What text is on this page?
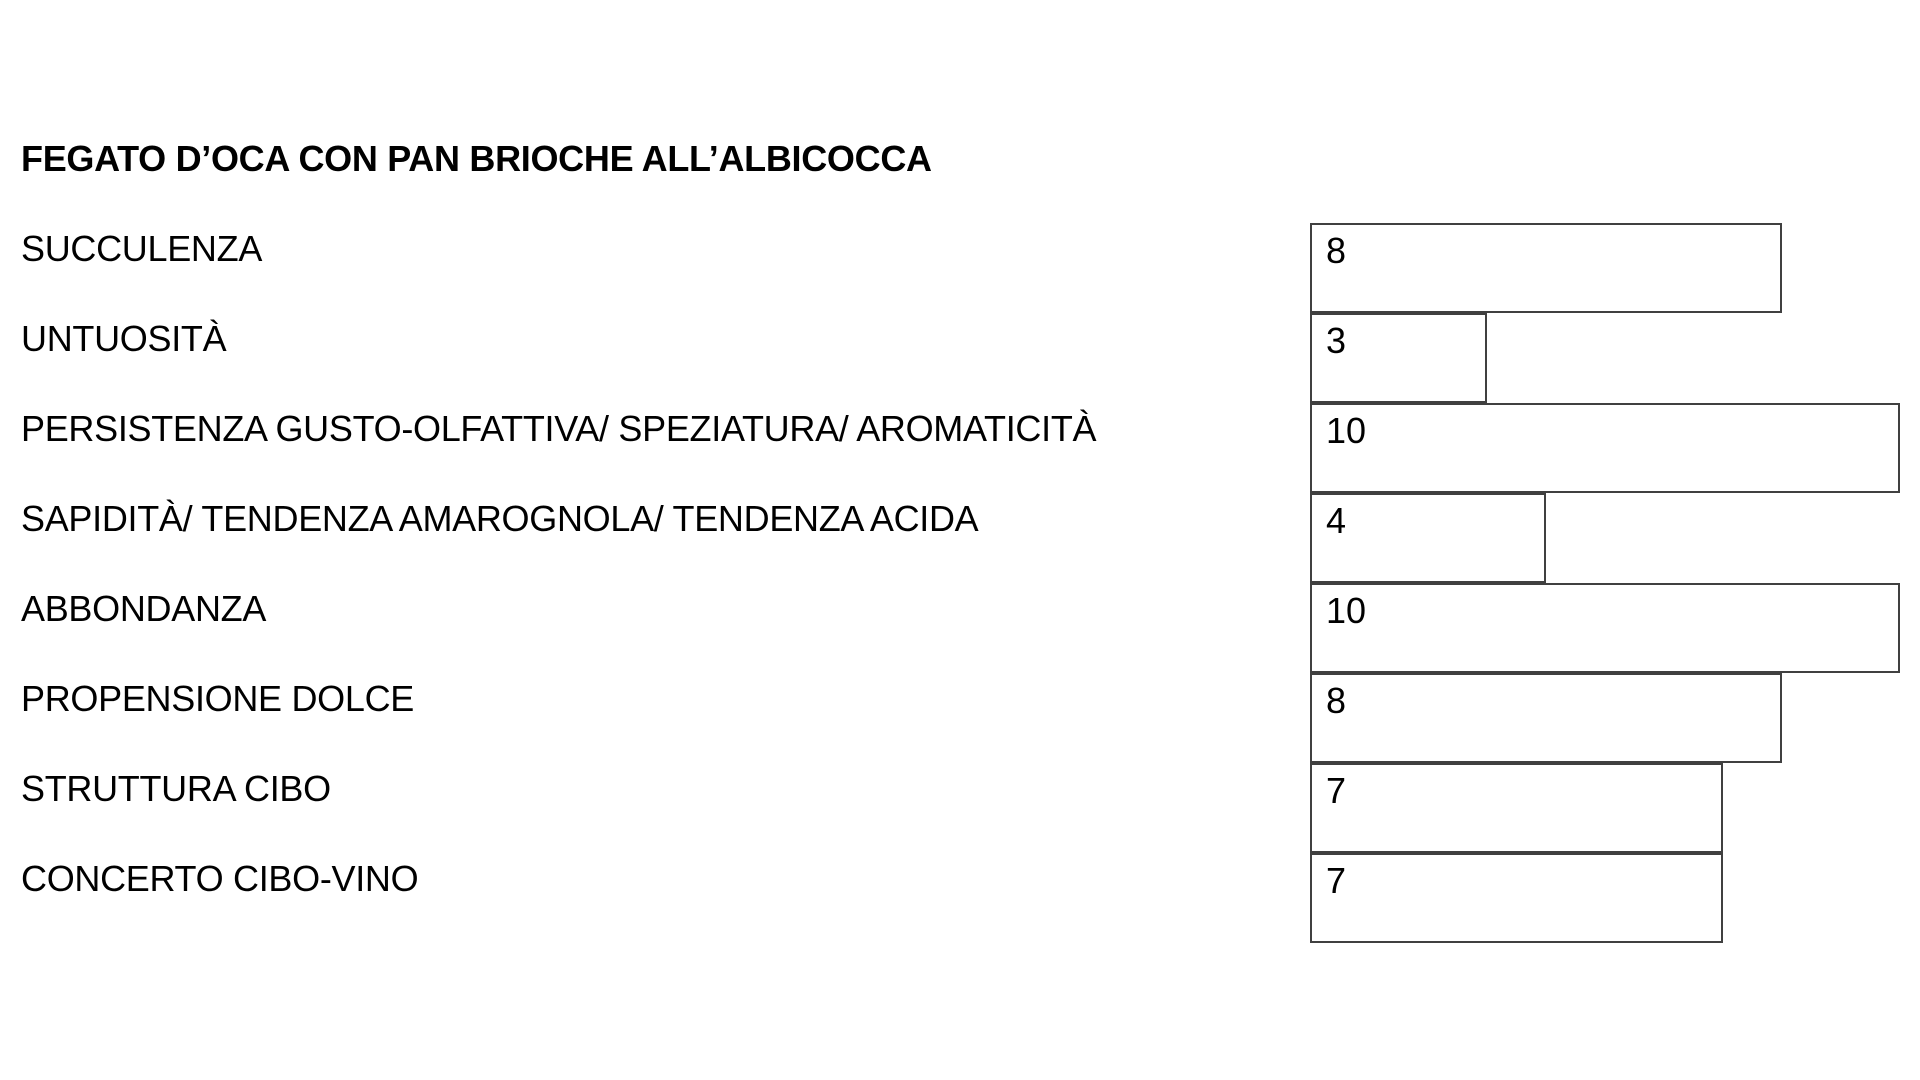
FEGATO D’OCA CON PAN BRIOCHE ALL’ALBICOCCA
SUCCULENZA	8
UNTUOSITÀ	3
PERSISTENZA GUSTO-OLFATTIVA/ SPEZIATURA/ AROMATICITÀ	10
SAPIDITÀ/ TENDENZA AMAROGNOLA/ TENDENZA ACIDA	4
ABBONDANZA	10
PROPENSIONE DOLCE	8
STRUTTURA CIBO	7
CONCERTO CIBO-VINO	7
